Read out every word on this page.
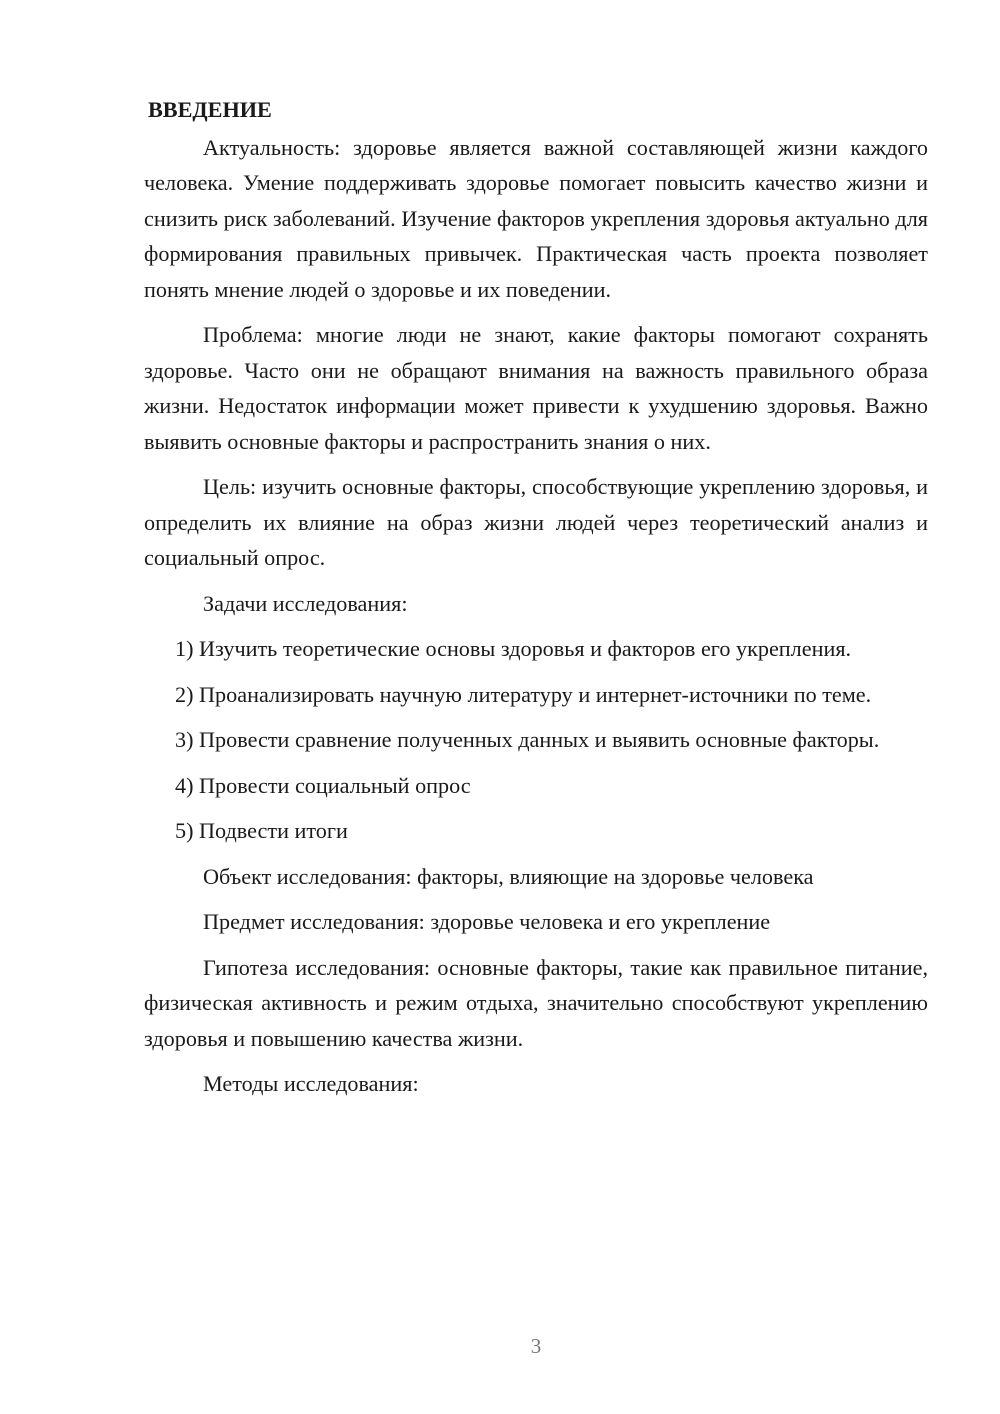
ВВЕДЕНИЕ

Актуальность: здоровье является важной составляющей жизни каждого человека. Умение поддерживать здоровье помогает повысить качество жизни и снизить риск заболеваний. Изучение факторов укрепления здоровья актуально для формирования правильных привычек. Практическая часть проекта позволяет понять мнение людей о здоровье и их поведении.

Проблема: многие люди не знают, какие факторы помогают сохранять здоровье. Часто они не обращают внимания на важность правильного образа жизни. Недостаток информации может привести к ухудшению здоровья. Важно выявить основные факторы и распространить знания о них.

Цель: изучить основные факторы, способствующие укреплению здоровья, и определить их влияние на образ жизни людей через теоретический анализ и социальный опрос.

Задачи исследования:

1) Изучить теоретические основы здоровья и факторов его укрепления.

2) Проанализировать научную литературу и интернет-источники по теме.

3) Провести сравнение полученных данных и выявить основные факторы.

4) Провести социальный опрос

5) Подвести итоги

Объект исследования: факторы, влияющие на здоровье человека

Предмет исследования: здоровье человека и его укрепление

Гипотеза исследования: основные факторы, такие как правильное питание, физическая активность и режим отдыха, значительно способствуют укреплению здоровья и повышению качества жизни.

Методы исследования:

3
